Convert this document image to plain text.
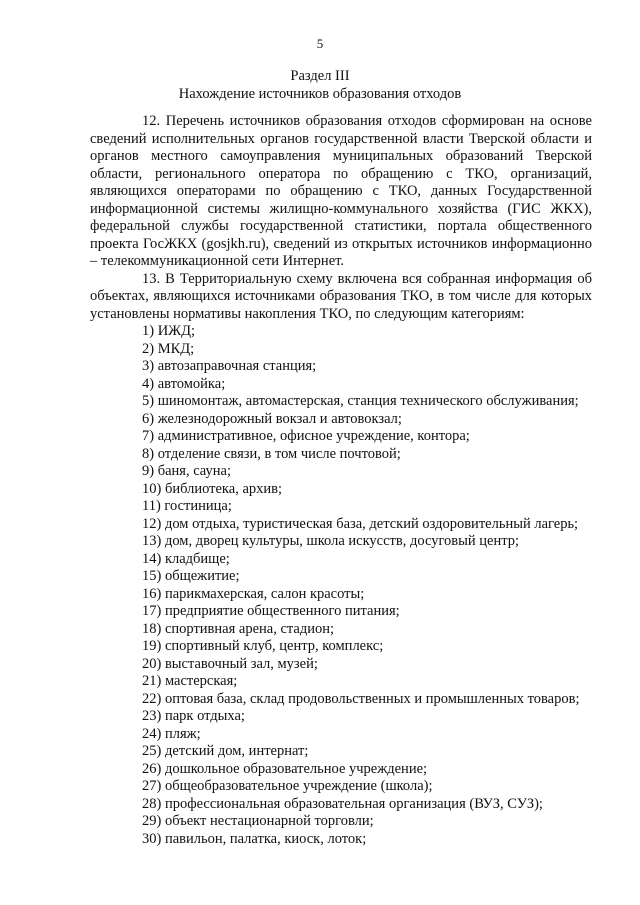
5
Раздел III
Нахождение источников образования отходов

12. Перечень источников образования отходов сформирован на основе сведений исполнительных органов государственной власти Тверской области и органов местного самоуправления муниципальных образований Тверской области, регионального оператора по обращению с ТКО, организаций, являющихся операторами по обращению с ТКО, данных Государственной информационной системы жилищно-коммунального хозяйства (ГИС ЖКХ), федеральной службы государственной статистики, портала общественного проекта ГосЖКХ (gosjkh.ru), сведений из открытых источников информационно – телекоммуникационной сети Интернет.

13. В Территориальную схему включена вся собранная информация об объектах, являющихся источниками образования ТКО, в том числе для которых установлены нормативы накопления ТКО, по следующим категориям:

1) ИЖД;
2) МКД;
3) автозаправочная станция;
4) автомойка;
5) шиномонтаж, автомастерская, станция технического обслуживания;
6) железнодорожный вокзал и автовокзал;
7) административное, офисное учреждение, контора;
8) отделение связи, в том числе почтовой;
9) баня, сауна;
10) библиотека, архив;
11) гостиница;
12) дом отдыха, туристическая база, детский оздоровительный лагерь;
13) дом, дворец культуры, школа искусств, досуговый центр;
14) кладбище;
15) общежитие;
16) парикмахерская, салон красоты;
17) предприятие общественного питания;
18) спортивная арена, стадион;
19) спортивный клуб, центр, комплекс;
20) выставочный зал, музей;
21) мастерская;
22) оптовая база, склад продовольственных и промышленных товаров;
23) парк отдыха;
24) пляж;
25) детский дом, интернат;
26) дошкольное образовательное учреждение;
27) общеобразовательное учреждение (школа);
28) профессиональная образовательная организация (ВУЗ, СУЗ);
29) объект нестационарной торговли;
30) павильон, палатка, киоск, лоток;
